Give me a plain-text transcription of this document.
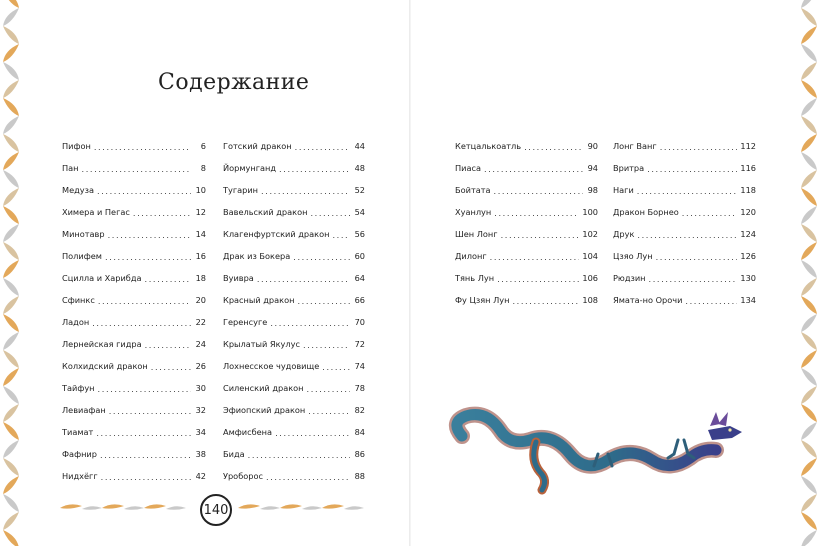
Содержание
Пифон .....	6
Пан .....	8
Медуза .....	10
Химера и Пегас .....	12
Минотавр .....	14
Полифем .....	16
Сцилла и Харибда .....	18
Сфинкс .....	20
Ладон .....	22
Лернейская гидра .....	24
Колхидский дракон .....	26
Тайфун .....	30
Левиафан .....	32
Тиамат .....	34
Фафнир .....	38
Нидхёгг .....	42
Готский дракон .....	44
Йормунганд .....	48
Тугарин .....	52
Вавельский дракон .....	54
Клагенфуртский дракон .....	56
Драк из Бокера .....	60
Вуивра .....	64
Красный дракон .....	66
Геренсуге .....	70
Крылатый Якулус .....	72
Лохнесское чудовище .....	74
Силенский дракон .....	78
Эфиопский дракон .....	82
Амфисбена .....	84
Бида .....	86
Уроборос .....	88
Кетцалькоатль .....	90
Пиаса .....	94
Бойтата .....	98
Хуанлун .....	100
Шен Лонг .....	102
Дилонг .....	104
Тянь Лун .....	106
Фу Цзян Лун .....	108
Лонг Ванг .....	112
Вритра .....	116
Наги .....	118
Дракон Борнео .....	120
Друк .....	124
Цзяо Лун .....	126
Рюдзин .....	130
Ямата-но Орочи .....	134
140
